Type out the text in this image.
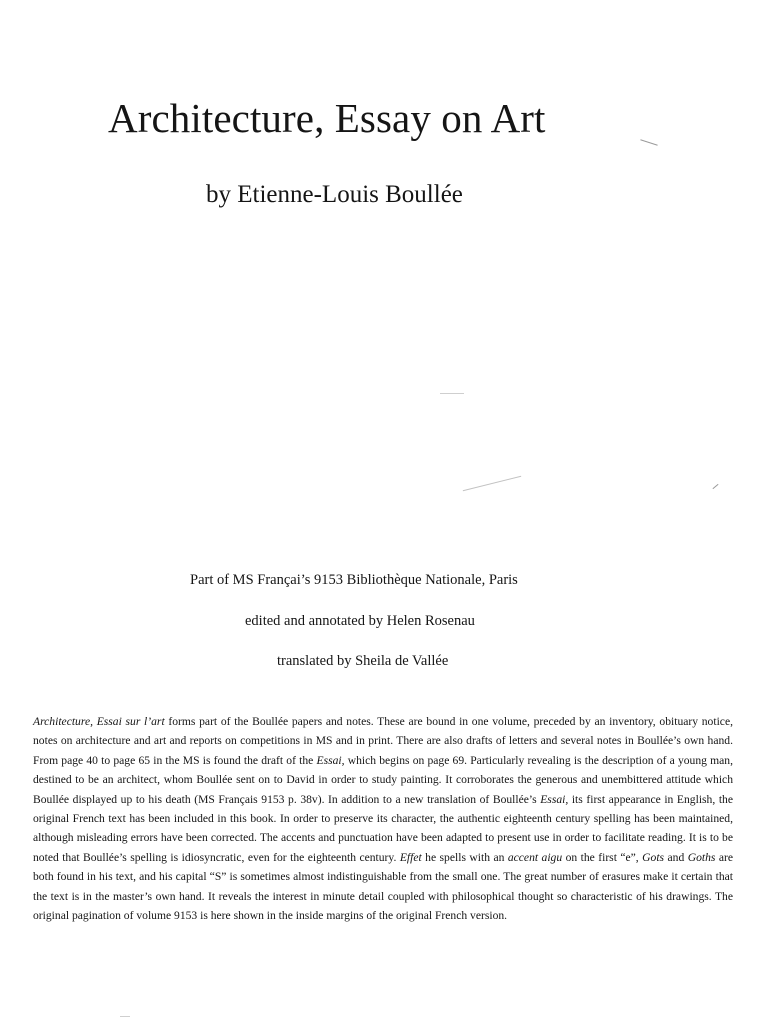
Architecture, Essay on Art
by Etienne-Louis Boullée
Part of MS Françai’s 9153 Bibliothèque Nationale, Paris
edited and annotated by Helen Rosenau
translated by Sheila de Vallée

Architecture, Essai sur l’art forms part of the Boullée papers and notes. These are bound in one volume, preceded by an inventory, obituary notice, notes on architecture and art and reports on competitions in MS and in print. There are also drafts of letters and several notes in Boullée’s own hand. From page 40 to page 65 in the MS is found the draft of the Essai, which begins on page 69. Particularly revealing is the description of a young man, destined to be an architect, whom Boullée sent on to David in order to study painting. It corroborates the generous and unembittered attitude which Boullée displayed up to his death (MS Français 9153 p. 38v). In addition to a new translation of Boullée’s Essai, its first appearance in English, the original French text has been included in this book. In order to preserve its character, the authentic eighteenth century spelling has been maintained, although misleading errors have been corrected. The accents and punctuation have been adapted to present use in order to facilitate reading. It is to be noted that Boullée’s spelling is idiosyncratic, even for the eighteenth century. Effet he spells with an accent aigu on the first “e”, Gots and Goths are both found in his text, and his capital “S” is sometimes almost indistinguishable from the small one. The great number of erasures make it certain that the text is in the master’s own hand. It reveals the interest in minute detail coupled with philosophical thought so characteristic of his drawings. The original pagination of volume 9153 is here shown in the inside margins of the original French version.
